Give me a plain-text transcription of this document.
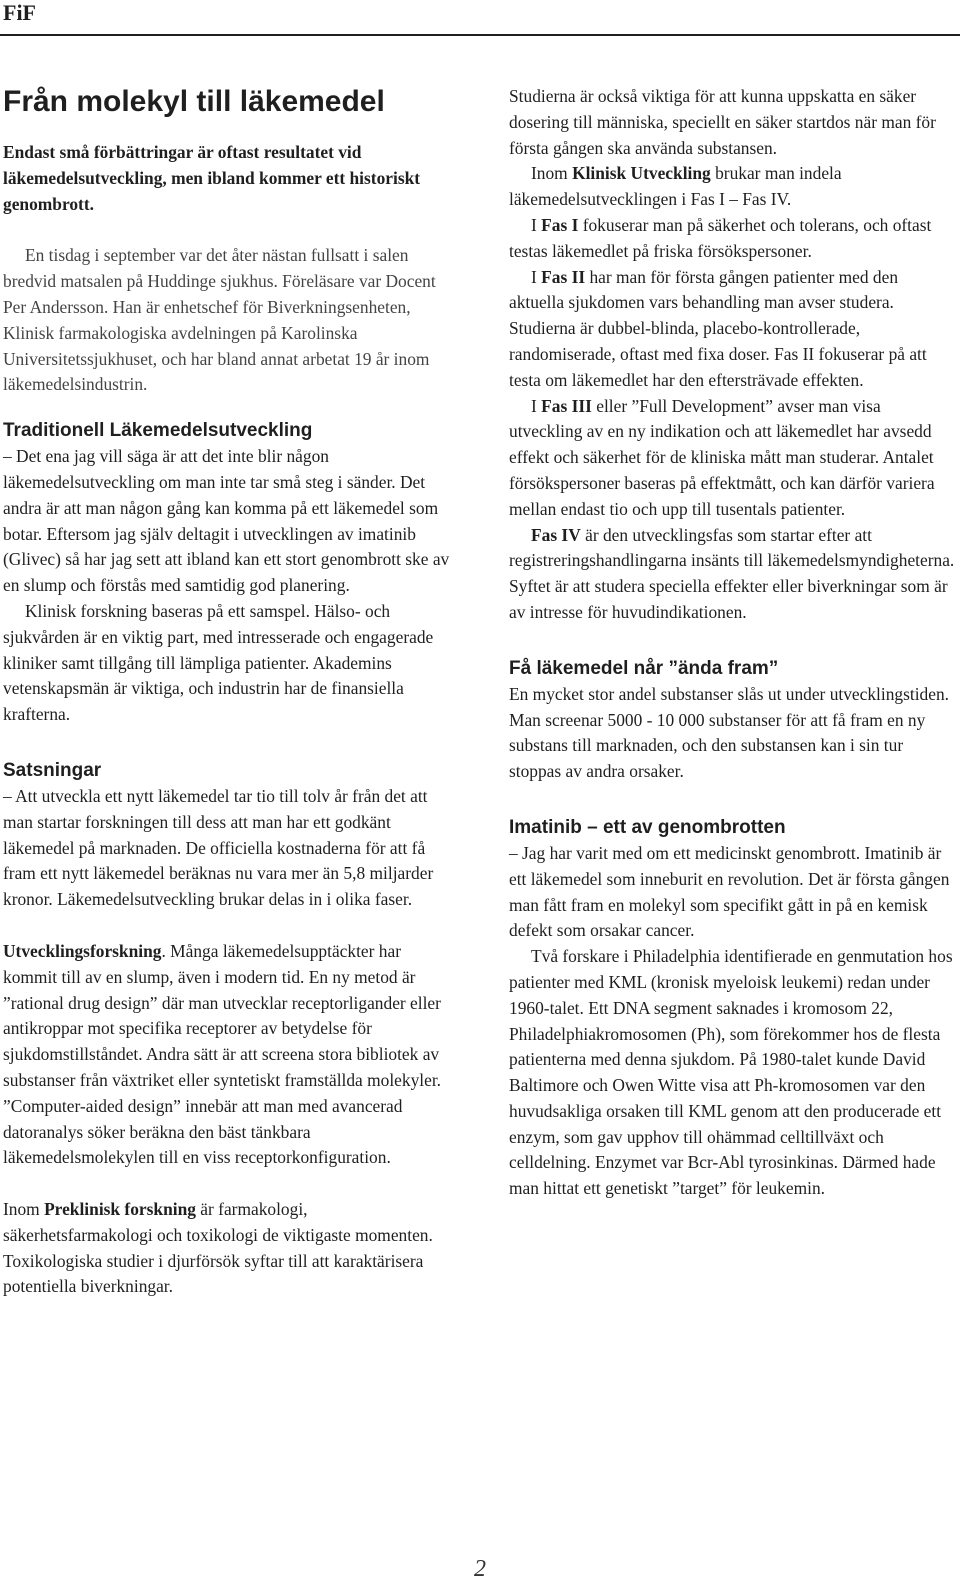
FiF
Från molekyl till läkemedel

Endast små förbättringar är oftast resultatet vid läkemedelsutveckling, men ibland kommer ett historiskt genombrott.

En tisdag i september var det åter nästan fullsatt i salen bredvid matsalen på Huddinge sjukhus. Föreläsare var Docent Per Andersson. Han är enhetschef för Biverkningsenheten, Klinisk farmakologiska avdelningen på Karolinska Universitetssjukhuset, och har bland annat arbetat 19 år inom läkemedelsindustrin.

Traditionell Läkemedelsutveckling

– Det ena jag vill säga är att det inte blir någon läkemedelsutveckling om man inte tar små steg i sänder. Det andra är att man någon gång kan komma på ett läkemedel som botar. Eftersom jag själv deltagit i utvecklingen av imatinib (Glivec) så har jag sett att ibland kan ett stort genombrott ske av en slump och förstås med samtidig god planering.

Klinisk forskning baseras på ett samspel. Hälso- och sjukvården är en viktig part, med intresserade och engagerade kliniker samt tillgång till lämpliga patienter. Akademins vetenskapsmän är viktiga, och industrin har de finansiella krafterna.

Satsningar

– Att utveckla ett nytt läkemedel tar tio till tolv år från det att man startar forskningen till dess att man har ett godkänt läkemedel på marknaden. De officiella kostnaderna för att få fram ett nytt läkemedel beräknas nu vara mer än 5,8 miljarder kronor. Läkemedelsutveckling brukar delas in i olika faser.

Utvecklingsforskning. Många läkemedelsupptäckter har kommit till av en slump, även i modern tid. En ny metod är ”rational drug design” där man utvecklar receptorligander eller antikroppar mot specifika receptorer av betydelse för sjukdomstillståndet. Andra sätt är att screena stora bibliotek av substanser från växtriket eller syntetiskt framställda molekyler. ”Computer-aided design” innebär att man med avancerad datoranalys söker beräkna den bäst tänkbara läkemedelsmolekylen till en viss receptorkonfiguration.

Inom Preklinisk forskning är farmakologi, säkerhetsfarmakologi och toxikologi de viktigaste momenten. Toxikologiska studier i djurförsök syftar till att karaktärisera potentiella biverkningar.

Studierna är också viktiga för att kunna uppskatta en säker dosering till människa, speciellt en säker startdos när man för första gången ska använda substansen.

Inom Klinisk Utveckling brukar man indela läkemedelsutvecklingen i Fas I – Fas IV.

I Fas I fokuserar man på säkerhet och tolerans, och oftast testas läkemedlet på friska försökspersoner.

I Fas II har man för första gången patienter med den aktuella sjukdomen vars behandling man avser studera. Studierna är dubbel-blinda, placebo-kontrollerade, randomiserade, oftast med fixa doser. Fas II fokuserar på att testa om läkemedlet har den eftersträvade effekten.

I Fas III eller ”Full Development” avser man visa utveckling av en ny indikation och att läkemedlet har avsedd effekt och säkerhet för de kliniska mått man studerar. Antalet försökspersoner baseras på effektmått, och kan därför variera mellan endast tio och upp till tusentals patienter.

Fas IV är den utvecklingsfas som startar efter att registreringshandlingarna insänts till läkemedelsmyndigheterna. Syftet är att studera speciella effekter eller biverkningar som är av intresse för huvudindikationen.

Få läkemedel når ”ända fram”

En mycket stor andel substanser slås ut under utvecklingstiden. Man screenar 5000 - 10 000 substanser för att få fram en ny substans till marknaden, och den substansen kan i sin tur stoppas av andra orsaker.

Imatinib – ett av genombrotten

– Jag har varit med om ett medicinskt genombrott. Imatinib är ett läkemedel som inneburit en revolution. Det är första gången man fått fram en molekyl som specifikt gått in på en kemisk defekt som orsakar cancer.

Två forskare i Philadelphia identifierade en genmutation hos patienter med KML (kronisk myeloisk leukemi) redan under 1960-talet. Ett DNA segment saknades i kromosom 22, Philadelphiakromosomen (Ph), som förekommer hos de flesta patienterna med denna sjukdom. På 1980-talet kunde David Baltimore och Owen Witte visa att Ph-kromosomen var den huvudsakliga orsaken till KML genom att den producerade ett enzym, som gav upphov till ohämmad celltillväxt och celldelning. Enzymet var Bcr-Abl tyrosinkinas. Därmed hade man hittat ett genetiskt ”target” för leukemin.

2
